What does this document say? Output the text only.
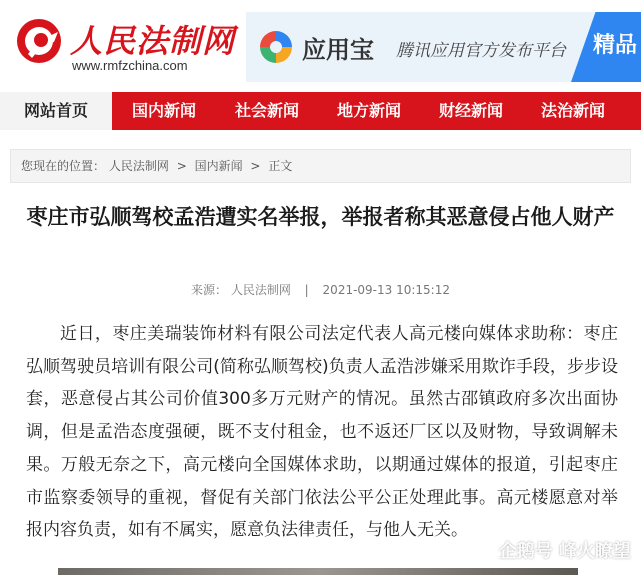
人民法制网
www.rmfzchina.com
应用宝 腾讯应用官方发布平台 精品
网站首页	国内新闻	社会新闻	地方新闻	财经新闻	法治新闻
您现在的位置： 人民法制网 > 国内新闻 > 正文
枣庄市弘顺驾校孟浩遭实名举报，举报者称其恶意侵占他人财产
来源： 人民法制网 | 2021-09-13 10:15:12

近日，枣庄美瑞装饰材料有限公司法定代表人高元楼向媒体求助称：枣庄弘顺驾驶员培训有限公司(简称弘顺驾校)负责人孟浩涉嫌采用欺诈手段，步步设套，恶意侵占其公司价值300多万元财产的情况。虽然古邵镇政府多次出面协调，但是孟浩态度强硬，既不支付租金，也不返还厂区以及财物，导致调解未果。万般无奈之下，高元楼向全国媒体求助，以期通过媒体的报道，引起枣庄市监察委领导的重视，督促有关部门依法公平公正处理此事。高元楼愿意对举报内容负责，如有不属实，愿意负法律责任，与他人无关。

企鹅号 峰火瞭望
